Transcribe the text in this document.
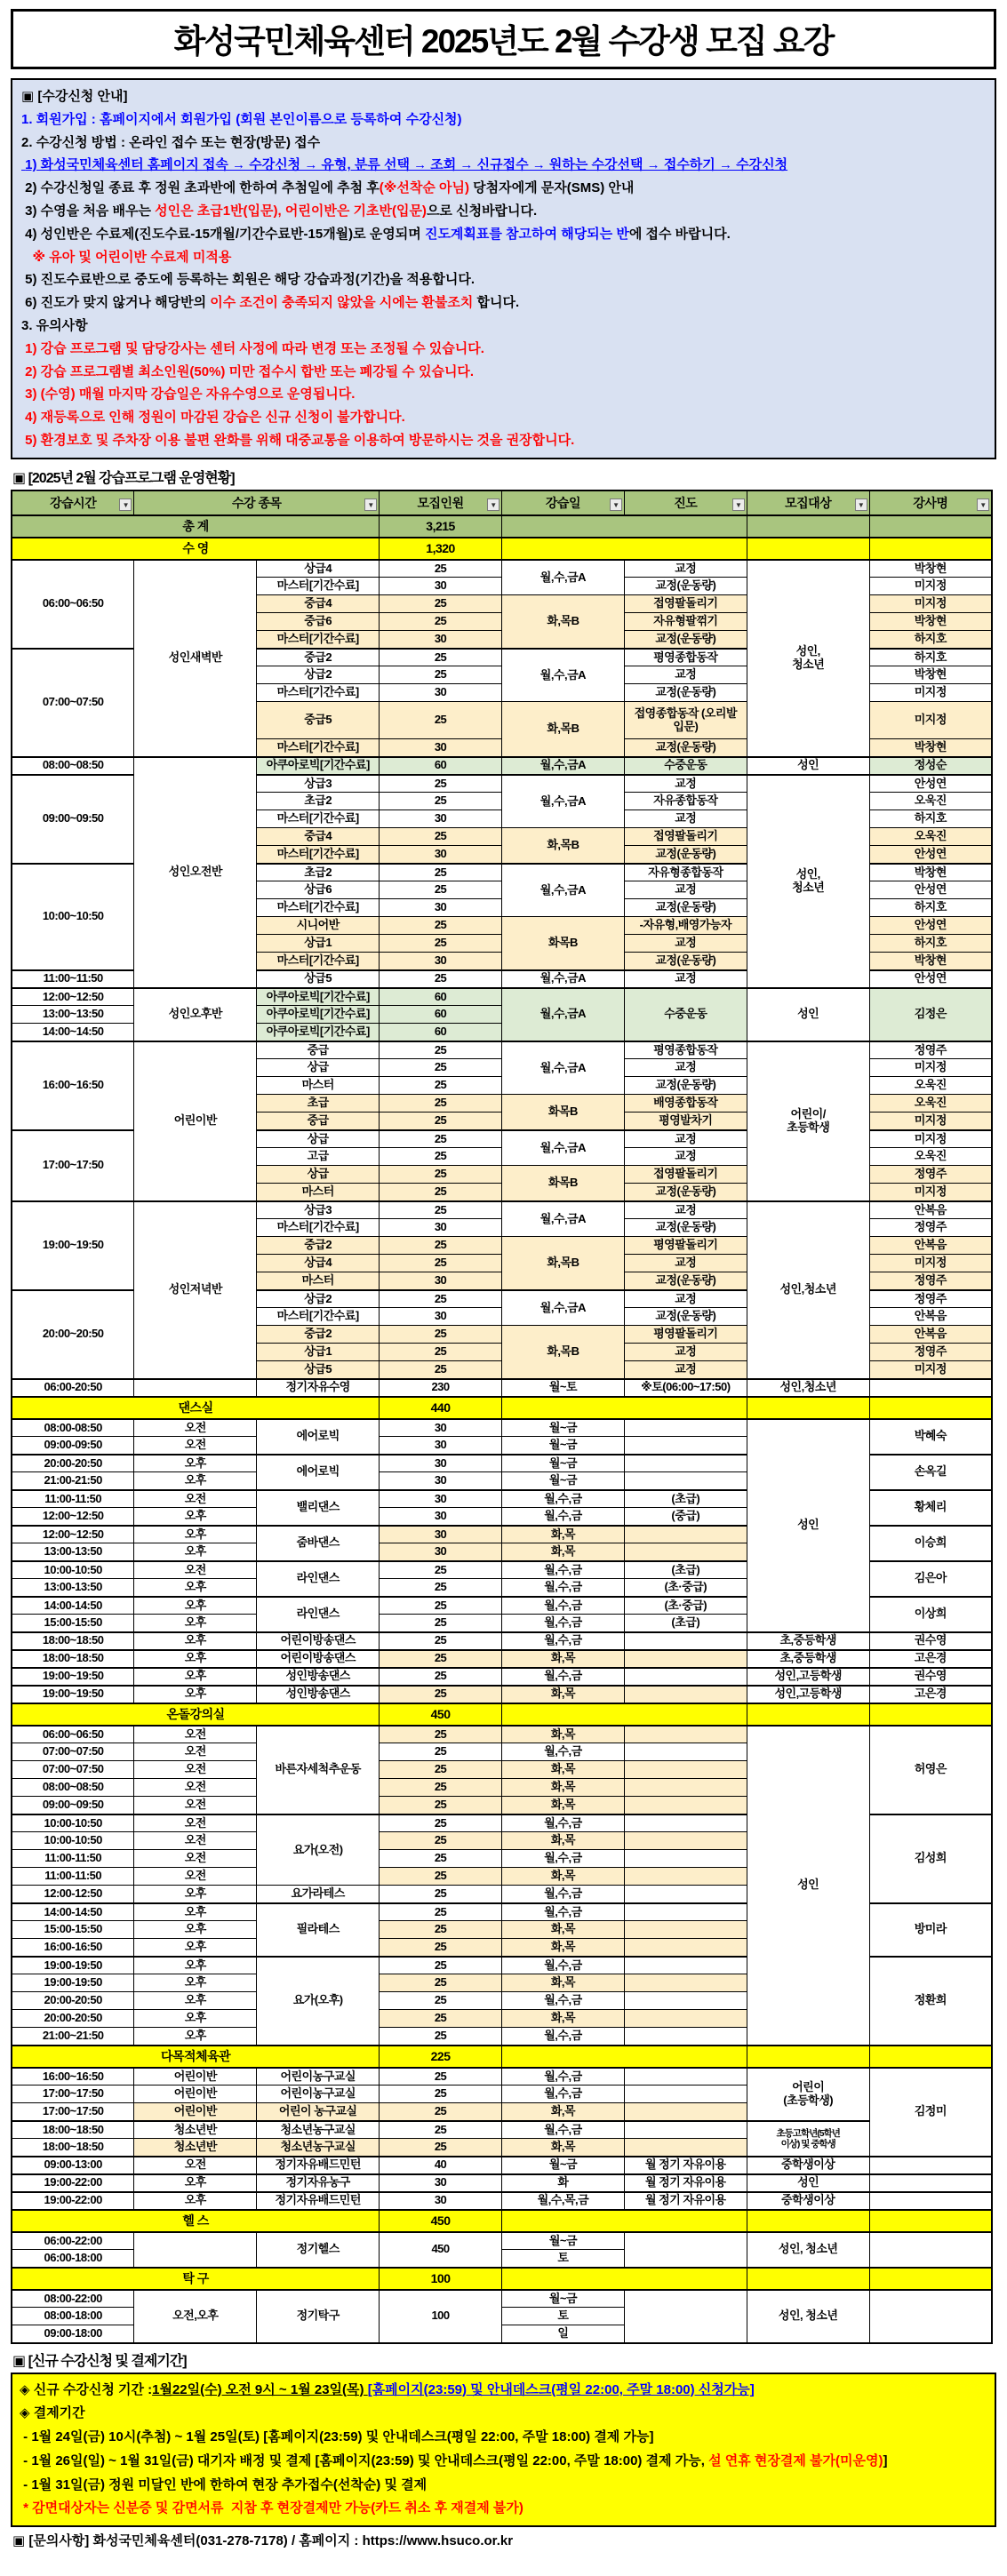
화성국민체육센터 2025년도 2월 수강생 모집 요강
▣ [수강신청 안내]
1. 회원가입 : 홈페이지에서 회원가입 (회원 본인이름으로 등록하여 수강신청)
2. 수강신청 방법 : 온라인 접수 또는 현장(방문) 접수
1) 화성국민체육센터 홈페이지 접속 → 수강신청 → 유형, 분류 선택 → 조회 → 신규접수 → 원하는 수강선택 → 접수하기 → 수강신청
2) 수강신청일 종료 후 정원 초과반에 한하여 추첨일에 추첨 후(※선착순 아님) 당첨자에게 문자(SMS) 안내
3) 수영을 처음 배우는 성인은 초급1반(입문), 어린이반은 기초반(입문)으로 신청바랍니다.
4) 성인반은 수료제(진도수료-15개월/기간수료반-15개월)로 운영되며 진도계획표를 참고하여 해당되는 반에 접수 바랍니다.
※ 유아 및 어린이반 수료제 미적용
5) 진도수료반으로 중도에 등록하는 회원은 해당 강습과정(기간)을 적용합니다.
6) 진도가 맞지 않거나 해당반의 이수 조건이 충족되지 않았을 시에는 환불조치 합니다.
3. 유의사항
1) 강습 프로그램 및 담당강사는 센터 사정에 따라 변경 또는 조정될 수 있습니다.
2) 강습 프로그램별 최소인원(50%) 미만 접수시 합반 또는 폐강될 수 있습니다.
3) (수영) 매월 마지막 강습일은 자유수영으로 운영됩니다.
4) 재등록으로 인해 정원이 마감된 강습은 신규 신청이 불가합니다.
5) 환경보호 및 주차장 이용 불편 완화를 위해 대중교통을 이용하여 방문하시는 것을 권장합니다.
▣ [2025년 2월 강습프로그램 운영현황]
강습시간 ▼	수강 종목 ▼		모집인원 ▼	강습일 ▼	진도 ▼	모집대상 ▼	강사명 ▼

총 계			3,215				
수 영			1,320				
06:00~06:50	성인새벽반	상급4	25	월,수,금A	교정	성인,
청소년	박창현
		마스터[기간수료]	30		교정(운동량)		미지정
		중급4	25	화,목B	접영팔돌리기		미지정
		중급6	25		자유형팔꺾기		박창현
		마스터[기간수료]	30		교정(운동량)		하지호
07:00~07:50		중급2	25	월,수,금A	평영종합동작		하지호
		상급2	25		교정		박창현
		마스터[기간수료]	30		교정(운동량)		미지정
		중급5	25	화,목B	접영종합동작 (오리발
입문)		미지정
		마스터[기간수료]	30		교정(운동량)		박창현
08:00~08:50	성인오전반	아쿠아로빅[기간수료]	60	월,수,금A	수중운동	성인	정성순
09:00~09:50		상급3	25	월,수,금A	교정	성인,
청소년	안성연
		초급2	25		자유종합동작		오욱진
		마스터[기간수료]	30		교정		하지호
		중급4	25	화,목B	접영팔돌리기		오욱진
		마스터[기간수료]	30		교정(운동량)		안성연
10:00~10:50		초급2	25	월,수,금A	자유형종합동작		박창현
		상급6	25		교정		안성연
		마스터[기간수료]	30		교정(운동량)		하지호
		시니어반	25	화목B	-자유형,배영가능자		안성연
		상급1	25		교정		하지호
		마스터[기간수료]	30		교정(운동량)		박창현
11:00~11:50		상급5	25	월,수,금A	교정		안성연
12:00~12:50	성인오후반	아쿠아로빅[기간수료]	60	월,수,금A	수중운동	성인	김정은
13:00~13:50		아쿠아로빅[기간수료]	60				
14:00~14:50		아쿠아로빅[기간수료]	60				
16:00~16:50	어린이반	중급	25	월,수,금A	평영종합동작	어린이/
초등학생	정영주
		상급	25		교정		미지정
		마스터	25		교정(운동량)		오욱진
		초급	25	화목B	배영종합동작		오욱진
		중급	25		평영발차기		미지정
17:00~17:50		상급	25	월,수,금A	교정		미지정
		고급	25		교정		오욱진
		상급	25	화목B	접영팔돌리기		정영주
		마스터	25		교정(운동량)		미지정
19:00~19:50	성인저녁반	상급3	25	월,수,금A	교정	성인,청소년	안복음
		마스터[기간수료]	30		교정(운동량)		정영주
		중급2	25	화,목B	평영팔돌리기		안복음
		상급4	25		교정		미지정
		마스터	30		교정(운동량)		정영주
20:00~20:50		상급2	25	월,수,금A	교정		정영주
		마스터[기간수료]	30		교정(운동량)		안복음
		중급2	25	화,목B	평영팔돌리기		안복음
		상급1	25		교정		정영주
		상급5	25		교정		미지정
06:00-20:50		정기자유수영	230	월~토	※토(06:00~17:50)	성인,청소년	
댄스실			440				
08:00-08:50	오전	에어로빅	30	월~금		성인	박혜숙
09:00-09:50	오전		30	월~금			
20:00-20:50	오후	에어로빅	30	월~금			손옥길
21:00-21:50	오후		30	월~금			
11:00-11:50	오전	밸리댄스	30	월,수,금	(초급)		황체리
12:00~12:50	오후		30	월,수,금	(중급)		
12:00~12:50	오후	줌바댄스	30	화,목			이승희
13:00-13:50	오후		30	화,목			
10:00-10:50	오전	라인댄스	25	월,수,금	(초급)		김은아
13:00-13:50	오후		25	월,수,금	(초·중급)		
14:00-14:50	오후	라인댄스	25	월,수,금	(초·중급)		이상희
15:00-15:50	오후		25	월,수,금	(초급)		
18:00~18:50	오후	어린이방송댄스	25	월,수,금		초,중등학생	권수영
18:00~18:50	오후	어린이방송댄스	25	화,목		초,중등학생	고은경
19:00~19:50	오후	성인방송댄스	25	월,수,금		성인,고등학생	권수영
19:00~19:50	오후	성인방송댄스	25	화,목		성인,고등학생	고은경
온돌강의실			450				
06:00~06:50	오전	바른자세척추운동	25	화,목		성인	허영은
07:00~07:50	오전		25	월,수,금			
07:00~07:50	오전		25	화,목			
08:00~08:50	오전		25	화,목			
09:00~09:50	오전		25	화,목			
10:00-10:50	오전	요가(오전)	25	월,수,금			김성희
10:00-10:50	오전		25	화,목			
11:00-11:50	오전		25	월,수,금			
11:00-11:50	오전		25	화,목			
12:00-12:50	오후	요가라테스	25	월,수,금			
14:00-14:50	오후	필라테스	25	월,수,금			방미라
15:00-15:50	오후		25	화,목			
16:00-16:50	오후		25	화,목			
19:00-19:50	오후	요가(오후)	25	월,수,금			정환희
19:00-19:50	오후		25	화,목			
20:00-20:50	오후		25	월,수,금			
20:00-20:50	오후		25	화,목			
21:00~21:50	오후		25	월,수,금			
다목적체육관			225				
16:00~16:50	어린이반	어린이농구교실	25	월,수,금		어린이
(초등학생)	김정미
17:00~17:50	어린이반	어린이농구교실	25	월,수,금			
17:00~17:50	어린이반	어린이 농구교실	25	화,목			
18:00~18:50	청소년반	청소년농구교실	25	월,수,금		초등고학년(5학년
이상) 및 중학생	
18:00~18:50	청소년반	청소년농구교실	25	화,목			
09:00-13:00	오전	정기자유배드민턴	40	월~금	월 정기 자유이용	중학생이상	
19:00-22:00	오후	정기자유농구	30	화	월 정기 자유이용	성인	
19:00-22:00	오후	정기자유배드민턴	30	월,수,목,금	월 정기 자유이용	중학생이상	
헬 스			450				
06:00-22:00		정기헬스	450	월~금		성인, 청소년	
06:00-18:00				토			
탁 구			100				
08:00-22:00	오전,오후	정기탁구	100	월~금		성인, 청소년	
08:00-18:00				토			
09:00-18:00				일			
▣ [신규 수강신청 및 결제기간]
◈ 신규 수강신청 기간 :1월22일(수) 오전 9시 ~ 1월 23일(목) [홈페이지(23:59) 및 안내데스크(평일 22:00, 주말 18:00) 신청가능]
◈ 결제기간
- 1월 24일(금) 10시(추첨) ~ 1월 25일(토) [홈페이지(23:59) 및 안내데스크(평일 22:00, 주말 18:00) 결제 가능]
- 1월 26일(일) ~ 1월 31일(금) 대기자 배정 및 결제 [홈페이지(23:59) 및 안내데스크(평일 22:00, 주말 18:00) 결제 가능, 설 연휴 현장결제 불가(미운영)]
- 1월 31일(금) 정원 미달인 반에 한하여 현장 추가접수(선착순) 및 결제
* 감면대상자는 신분증 및 감면서류  지참 후 현장결제만 가능(카드 취소 후 재결제 불가)
▣ [문의사항] 화성국민체육센터(031-278-7178) / 홈페이지 : https://www.hsuco.or.kr
